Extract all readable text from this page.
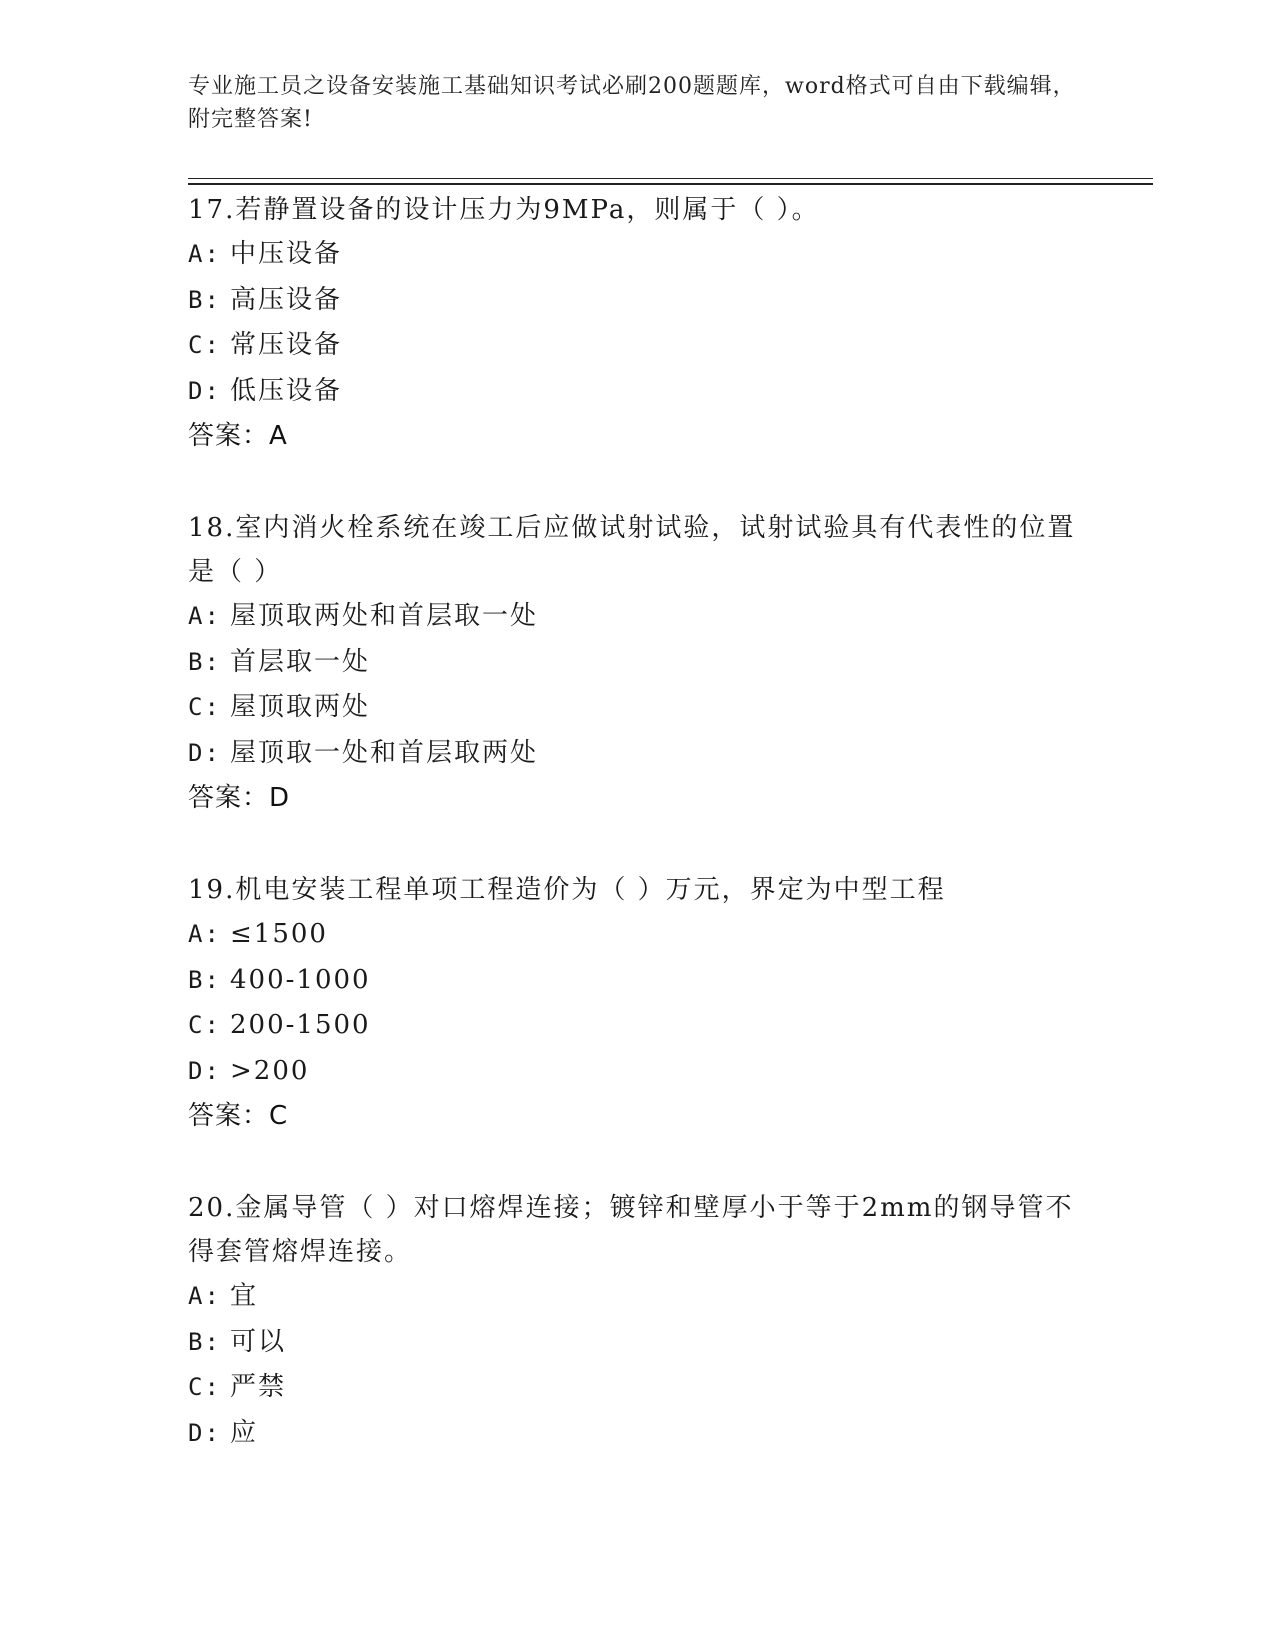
专业施工员之设备安装施工基础知识考试必刷200题题库，word格式可自由下载编辑，附完整答案!

17.若静置设备的设计压力为9MPa，则属于（ ）。

A: 中压设备
B: 高压设备
C: 常压设备
D: 低压设备
答案：A

18.室内消火栓系统在竣工后应做试射试验，试射试验具有代表性的位置是（ ）

A: 屋顶取两处和首层取一处
B: 首层取一处
C: 屋顶取两处
D: 屋顶取一处和首层取两处
答案：D

19.机电安装工程单项工程造价为（ ）万元，界定为中型工程

A: ≤1500
B: 400-1000
C: 200-1500
D: >200
答案：C

20.金属导管（ ）对口熔焊连接；镀锌和壁厚小于等于2mm的钢导管不得套管熔焊连接。

A: 宜
B: 可以
C: 严禁
D: 应
